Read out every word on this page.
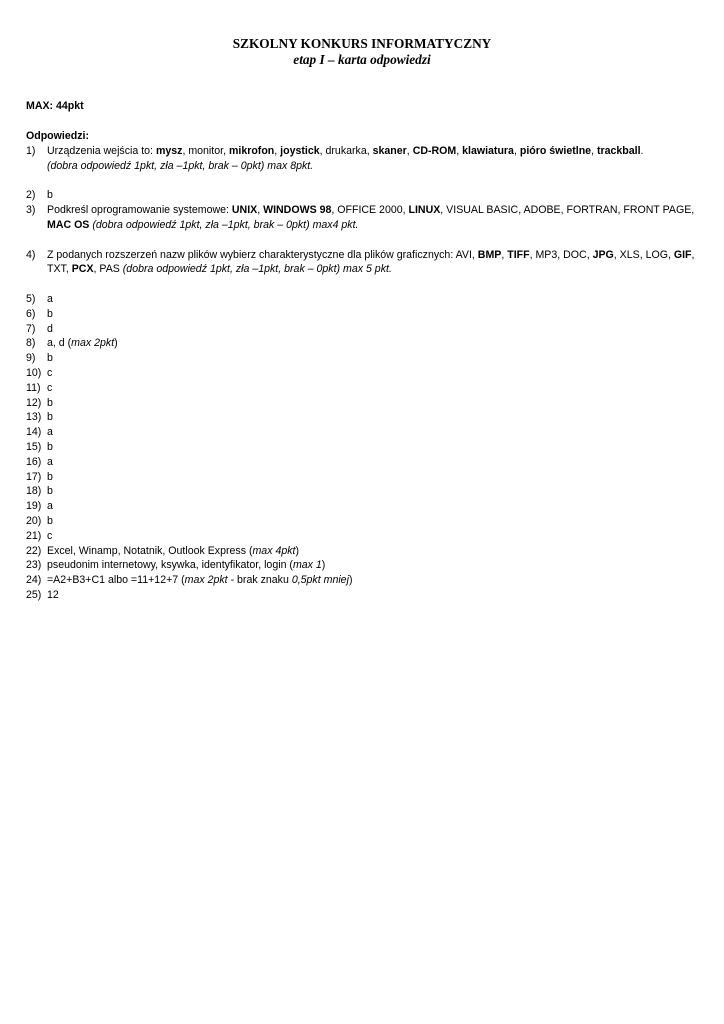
SZKOLNY KONKURS INFORMATYCZNY
etap I – karta odpowiedzi
MAX: 44pkt
Odpowiedzi:
1) Urządzenia wejścia to: mysz, monitor, mikrofon, joystick, drukarka, skaner, CD-ROM, klawiatura, pióro świetlne, trackball.
(dobra odpowiedź 1pkt, zła –1pkt, brak – 0pkt) max 8pkt.
2) b
3) Podkreśl oprogramowanie systemowe: UNIX, WINDOWS 98, OFFICE 2000, LINUX, VISUAL BASIC, ADOBE, FORTRAN, FRONT PAGE, MAC OS (dobra odpowiedź 1pkt, zła –1pkt, brak – 0pkt) max4 pkt.
4) Z podanych rozszerzeń nazw plików wybierz charakterystyczne dla plików graficznych: AVI, BMP, TIFF, MP3, DOC, JPG, XLS, LOG, GIF, TXT, PCX, PAS (dobra odpowiedź 1pkt, zła –1pkt, brak – 0pkt) max 5 pkt.
5) a
6) b
7) d
8) a, d (max 2pkt)
9) b
10) c
11) c
12) b
13) b
14) a
15) b
16) a
17) b
18) b
19) a
20) b
21) c
22) Excel, Winamp, Notatnik, Outlook Express (max 4pkt)
23) pseudonim internetowy, ksywka, identyfikator, login (max 1)
24) =A2+B3+C1 albo =11+12+7 (max 2pkt - brak znaku 0,5pkt mniej)
25) 12
